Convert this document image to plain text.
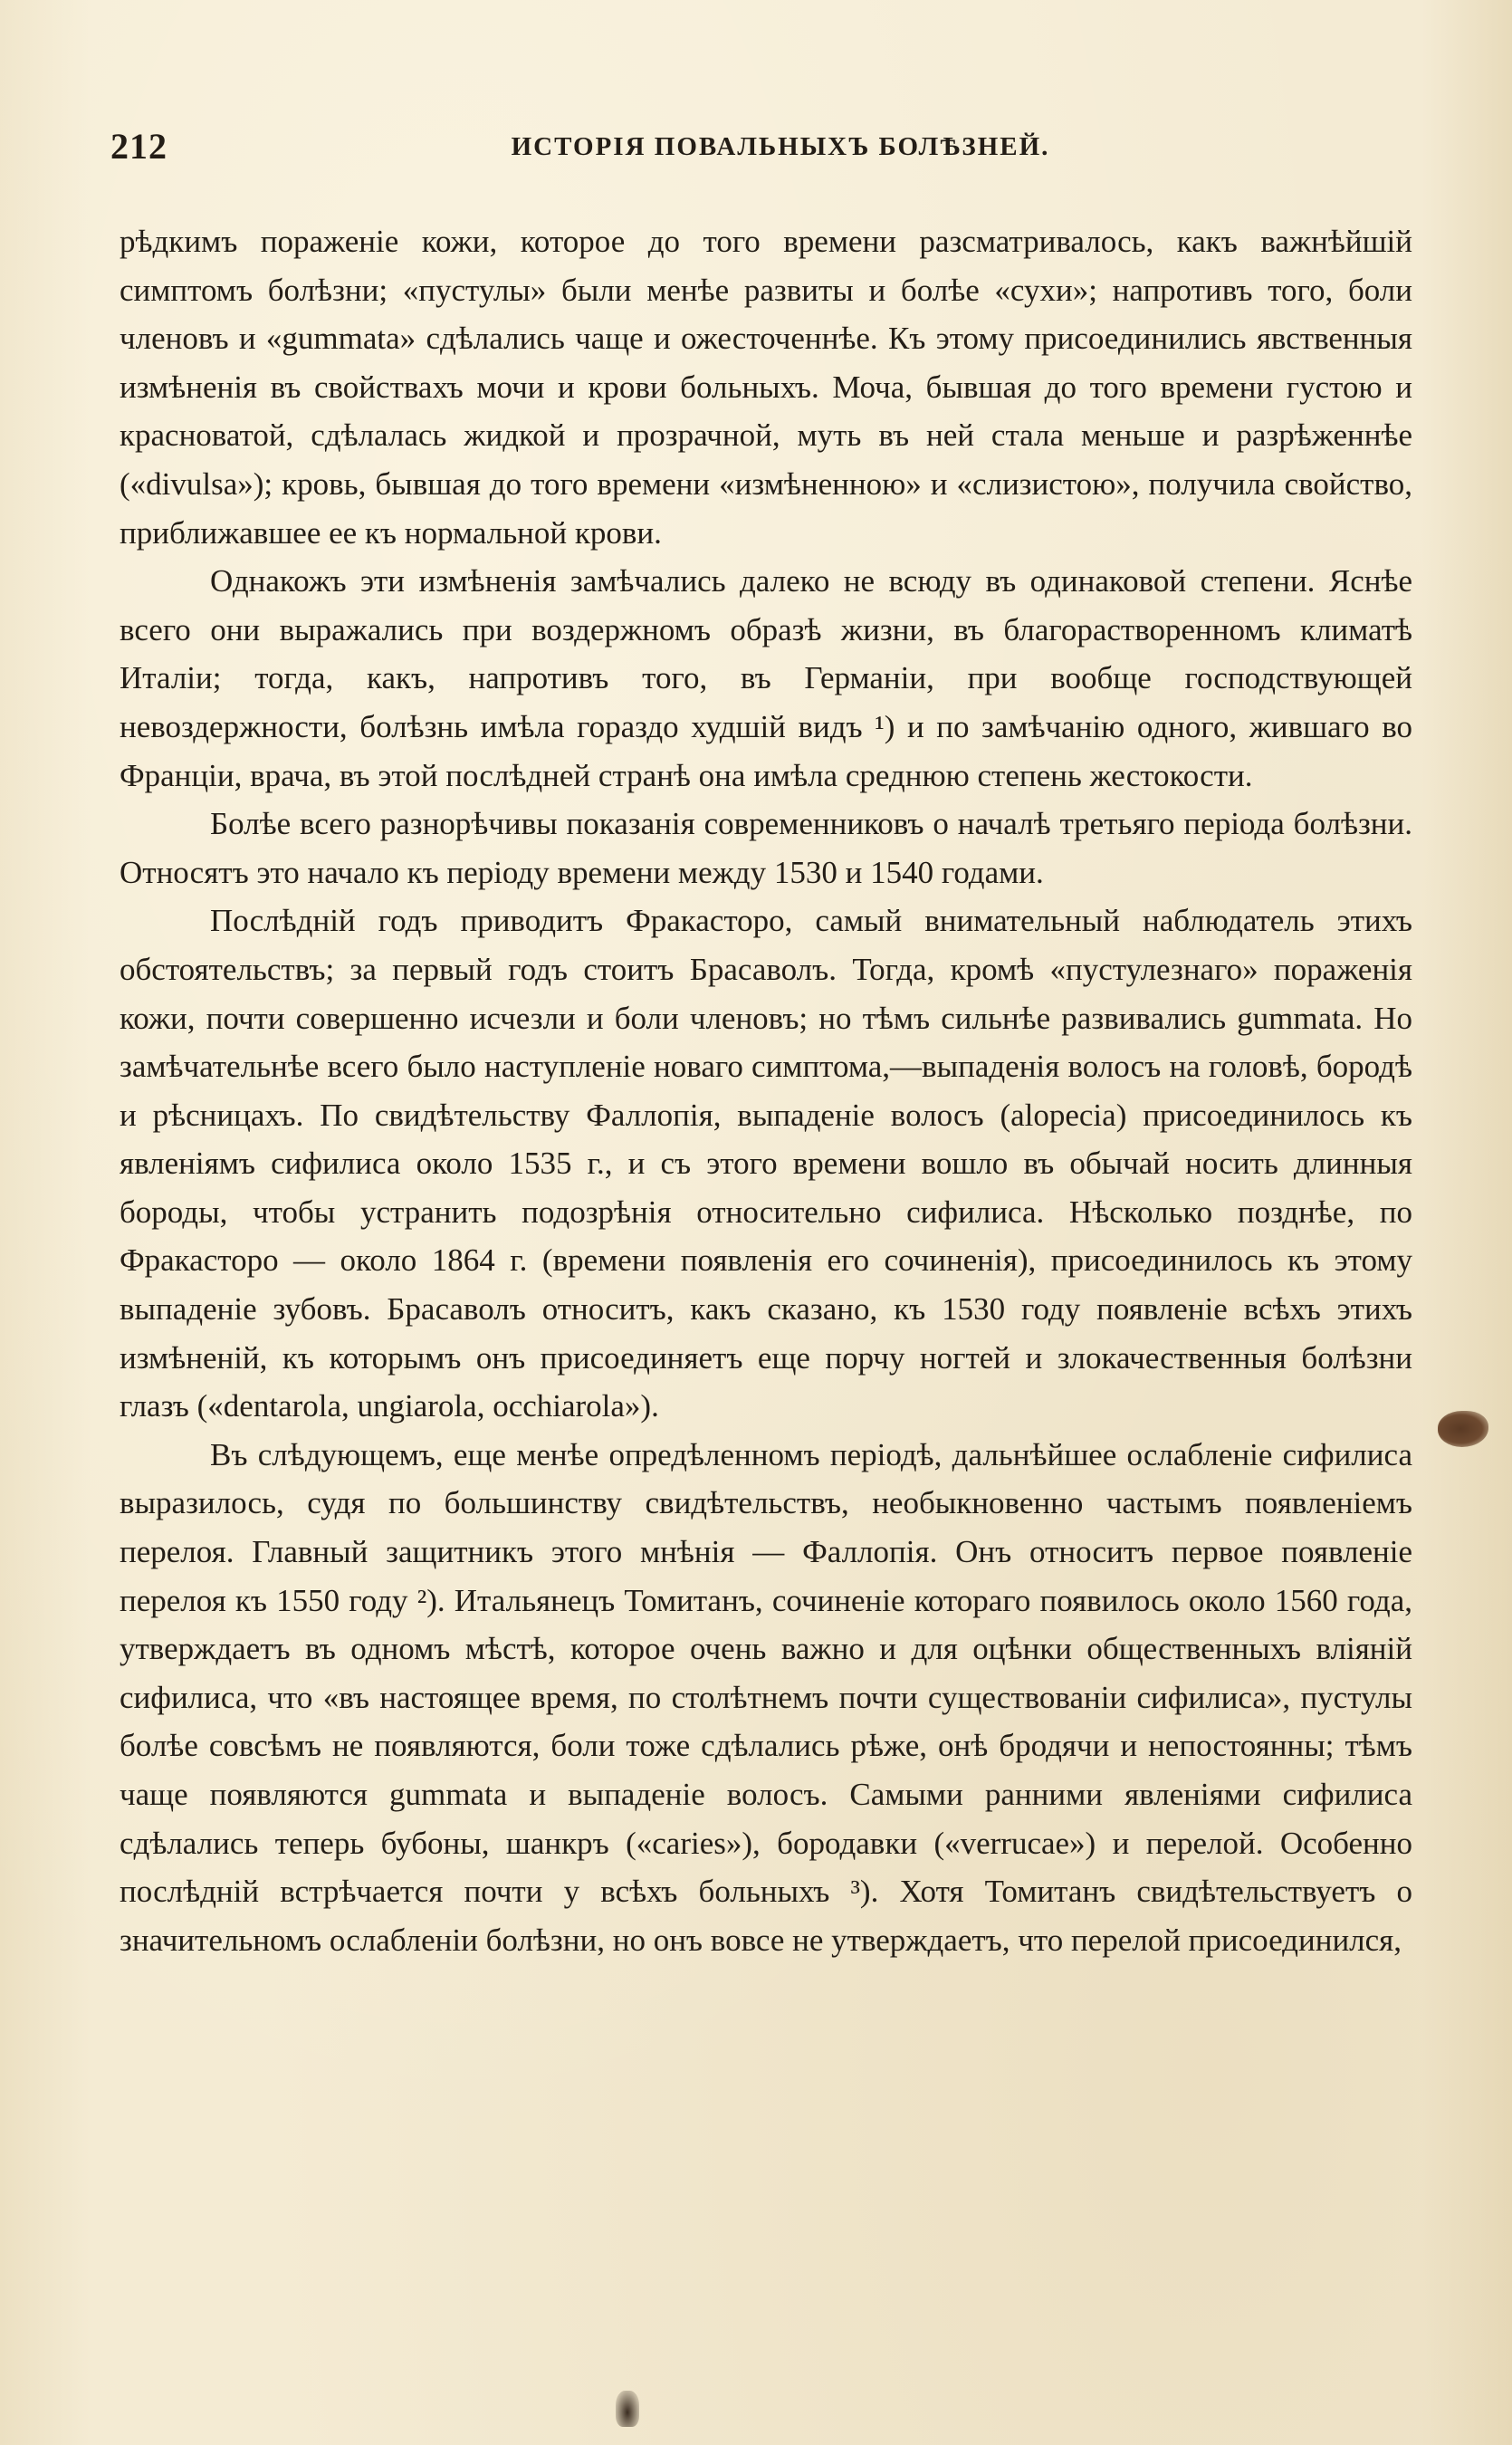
212	ИСТОРІЯ ПОВАЛЬНЫХЪ БОЛѢЗНЕЙ.

рѣдкимъ пораженіе кожи, которое до того времени разсматривалось, какъ важнѣйшій симптомъ болѣзни; «пустулы» были менѣе развиты и болѣе «сухи»; напротивъ того, боли членовъ и «gummata» сдѣлались чаще и ожесточеннѣе. Къ этому присоединились явственныя измѣненія въ свойствахъ мочи и крови больныхъ. Моча, бывшая до того времени густою и красноватой, сдѣлалась жидкой и прозрачной, муть въ ней стала меньше и разрѣженнѣе («divulsa»); кровь, бывшая до того времени «измѣненною» и «слизистою», получила свойство, приближавшее ее къ нормальной крови.

Однакожъ эти измѣненія замѣчались далеко не всюду въ одинаковой степени. Яснѣе всего они выражались при воздержномъ образѣ жизни, въ благорастворенномъ климатѣ Италіи; тогда, какъ, напротивъ того, въ Германіи, при вообще господствующей невоздержности, болѣзнь имѣла гораздо худшій видъ ¹) и по замѣчанію одного, жившаго во Франціи, врача, въ этой послѣдней странѣ она имѣла среднюю степень жестокости.

Болѣе всего разнорѣчивы показанія современниковъ о началѣ третьяго періода болѣзни. Относятъ это начало къ періоду времени между 1530 и 1540 годами.

Послѣдній годъ приводитъ Фракасторо, самый внимательный наблюдатель этихъ обстоятельствъ; за первый годъ стоитъ Брасаволъ. Тогда, кромѣ «пустулезнаго» пораженія кожи, почти совершенно исчезли и боли членовъ; но тѣмъ сильнѣе развивались gummata. Но замѣчательнѣе всего было наступленіе новаго симптома,—выпаденія волосъ на головѣ, бородѣ и рѣсницахъ. По свидѣтельству Фаллопія, выпаденіе волосъ (alopecia) присоединилось къ явленіямъ сифилиса около 1535 г., и съ этого времени вошло въ обычай носить длинныя бороды, чтобы устранить подозрѣнія относительно сифилиса. Нѣсколько позднѣе, по Фракасторо — около 1864 г. (времени появленія его сочиненія), присоединилось къ этому выпаденіе зубовъ. Брасаволъ относитъ, какъ сказано, къ 1530 году появленіе всѣхъ этихъ измѣненій, къ которымъ онъ присоединяетъ еще порчу ногтей и злокачественныя болѣзни глазъ («dentarola, ungiarola, occhiarola»).

Въ слѣдующемъ, еще менѣе опредѣленномъ періодѣ, дальнѣйшее ослабленіе сифилиса выразилось, судя по большинству свидѣтельствъ, необыкновенно частымъ появленіемъ перелоя. Главный защитникъ этого мнѣнія — Фаллопія. Онъ относитъ первое появленіе перелоя къ 1550 году ²). Итальянецъ Томитанъ, сочиненіе котораго появилось около 1560 года, утверждаетъ въ одномъ мѣстѣ, которое очень важно и для оцѣнки общественныхъ вліяній сифилиса, что «въ настоящее время, по столѣтнемъ почти существованіи сифилиса», пустулы болѣе совсѣмъ не появляются, боли тоже сдѣлались рѣже, онѣ бродячи и непостоянны; тѣмъ чаще появляются gummata и выпаденіе волосъ. Самыми ранними явленіями сифилиса сдѣлались теперь бубоны, шанкръ («caries»), бородавки («verrucae») и перелой. Особенно послѣдній встрѣчается почти у всѣхъ больныхъ ³). Хотя Томитанъ свидѣтельствуетъ о значительномъ ослабленіи болѣзни, но онъ вовсе не утверждаетъ, что перелой присоединился,
